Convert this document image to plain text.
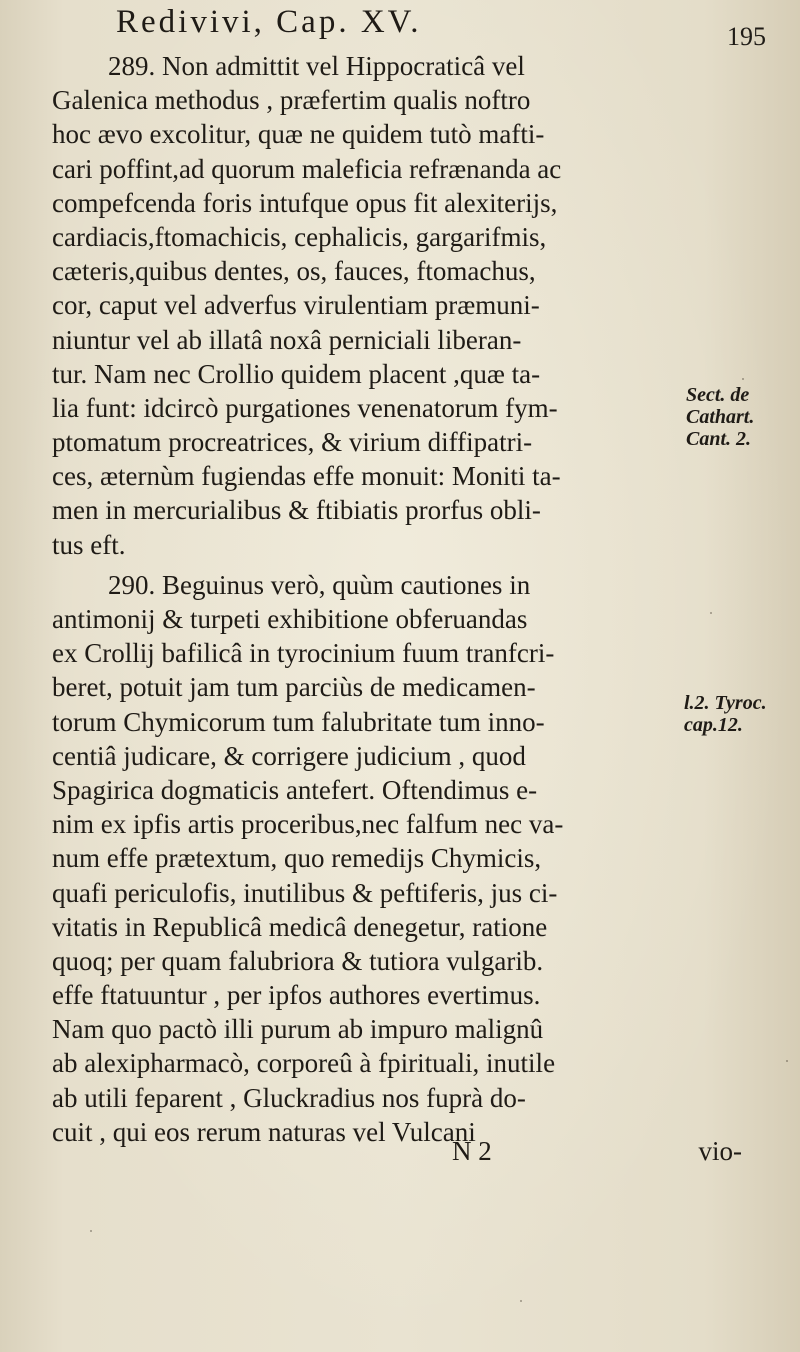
Redivivi, Cap. XV.	195
289. Non admittit vel Hippocraticâ vel
Galenica methodus , præfertim qualis noftro
hoc ævo excolitur, quæ ne quidem tutò mafti-
cari poffint,ad quorum maleficia refrænanda ac
compefcenda foris intufque opus fit alexiterijs,
cardiacis,ftomachicis, cephalicis, gargarifmis,
cæteris,quibus dentes, os, fauces, ftomachus,
cor, caput vel adverfus virulentiam præmuni-
niuntur vel ab illatâ noxâ perniciali liberan-
tur. Nam nec Crollio quidem placent ,quæ ta-
lia funt: idcircò purgationes venenatorum fym-
ptomatum procreatrices, & virium diffipatri-
ces, æternùm fugiendas effe monuit: Moniti ta-
men in mercurialibus & ftibiatis prorfus obli-
tus eft.
290. Beguinus verò, quùm cautiones in
antimonij & turpeti exhibitione obferuandas
ex Crollij bafilicâ in tyrocinium fuum tranfcri-
beret, potuit jam tum parciùs de medicamen-
torum Chymicorum tum falubritate tum inno-
centiâ judicare, & corrigere judicium , quod
Spagirica dogmaticis antefert. Oftendimus e-
nim ex ipfis artis proceribus,nec falfum nec va-
num effe prætextum, quo remedijs Chymicis,
quafi periculofis, inutilibus & peftiferis, jus ci-
vitatis in Republicâ medicâ denegetur, ratione
quoq; per quam falubriora & tutiora vulgarib.
effe ftatuuntur , per ipfos authores evertimus.
Nam quo pactò illi purum ab impuro malignû
ab alexipharmacò, corporeû à fpirituali, inutile
ab utili feparent , Gluckradius nos fuprà do-
cuit , qui eos rerum naturas vel Vulcani
Sect. de
Cathart.
Cant. 2.
l.2. Tyroc.
cap.12.
N 2	vio-
